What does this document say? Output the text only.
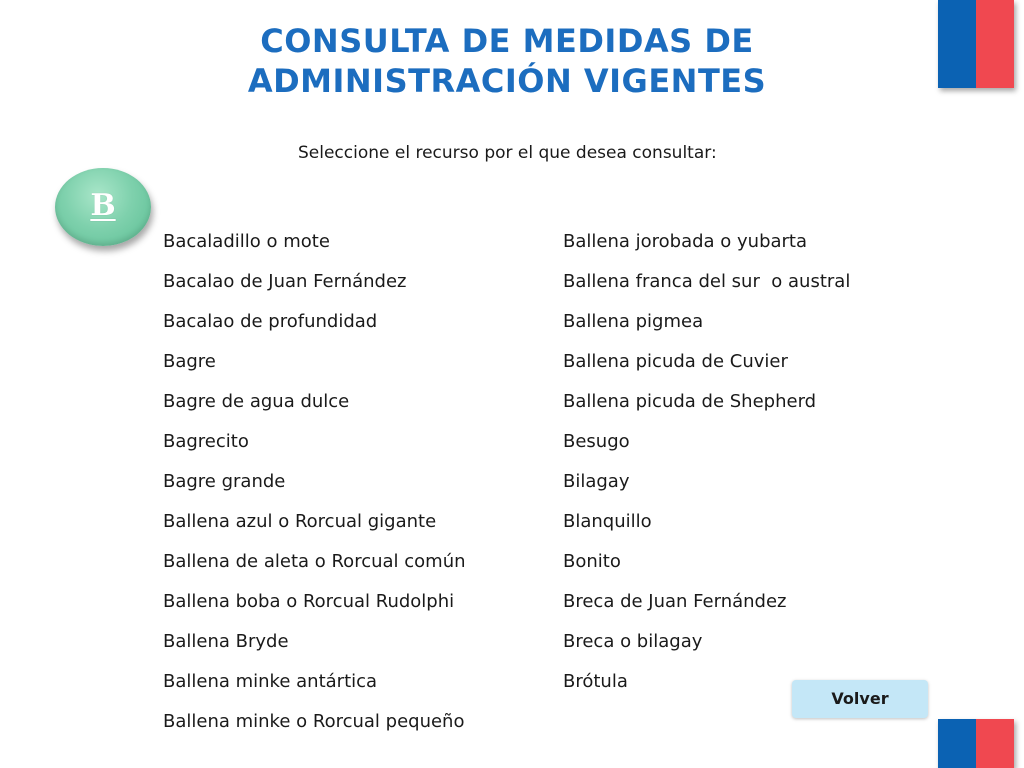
CONSULTA DE MEDIDAS DE
ADMINISTRACIÓN VIGENTES

Seleccione el recurso por el que desea consultar:

B
Bacaladillo o mote
Bacalao de Juan Fernández
Bacalao de profundidad
Bagre
Bagre de agua dulce
Bagrecito
Bagre grande
Ballena azul o Rorcual gigante
Ballena de aleta o Rorcual común
Ballena boba o Rorcual Rudolphi
Ballena Bryde
Ballena minke antártica
Ballena minke o Rorcual pequeño
Ballena jorobada o yubarta
Ballena franca del sur  o austral
Ballena pigmea
Ballena picuda de Cuvier
Ballena picuda de Shepherd
Besugo
Bilagay
Blanquillo
Bonito
Breca de Juan Fernández
Breca o bilagay
Brótula
Volver
